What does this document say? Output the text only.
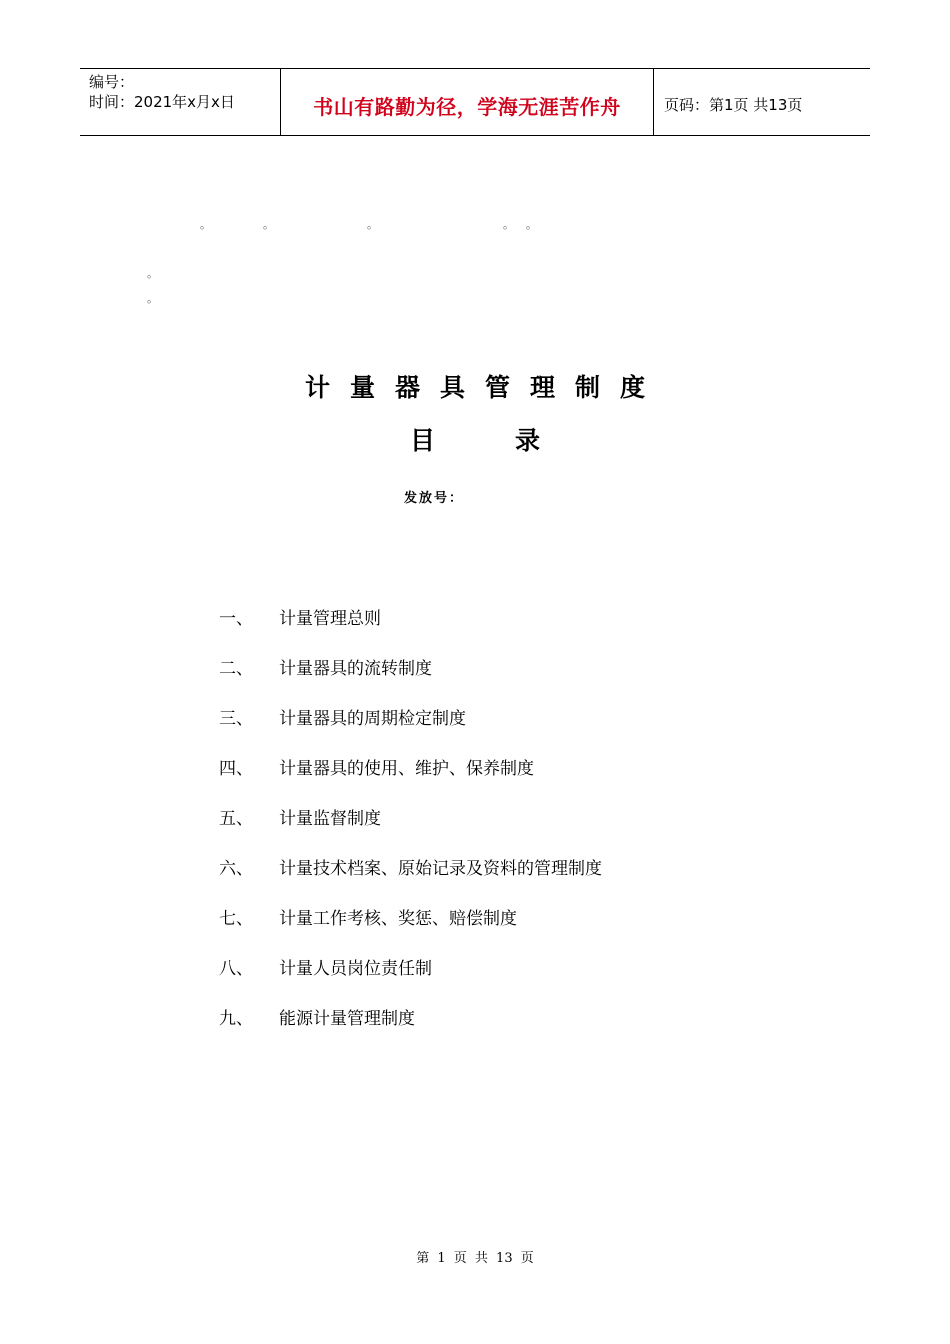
编号：
时间：2021年x月x日	书山有路勤为径，学海无涯苦作舟	页码：第1页 共13页
。	。	。	。 。
。
。
计量器具管理制度
目	录
发放号：
一、 计量管理总则
二、 计量器具的流转制度
三、 计量器具的周期检定制度
四、 计量器具的使用、维护、保养制度
五、 计量监督制度
六、 计量技术档案、原始记录及资料的管理制度
七、 计量工作考核、奖惩、赔偿制度
八、 计量人员岗位责任制
九、 能源计量管理制度
第 1 页 共 13 页
